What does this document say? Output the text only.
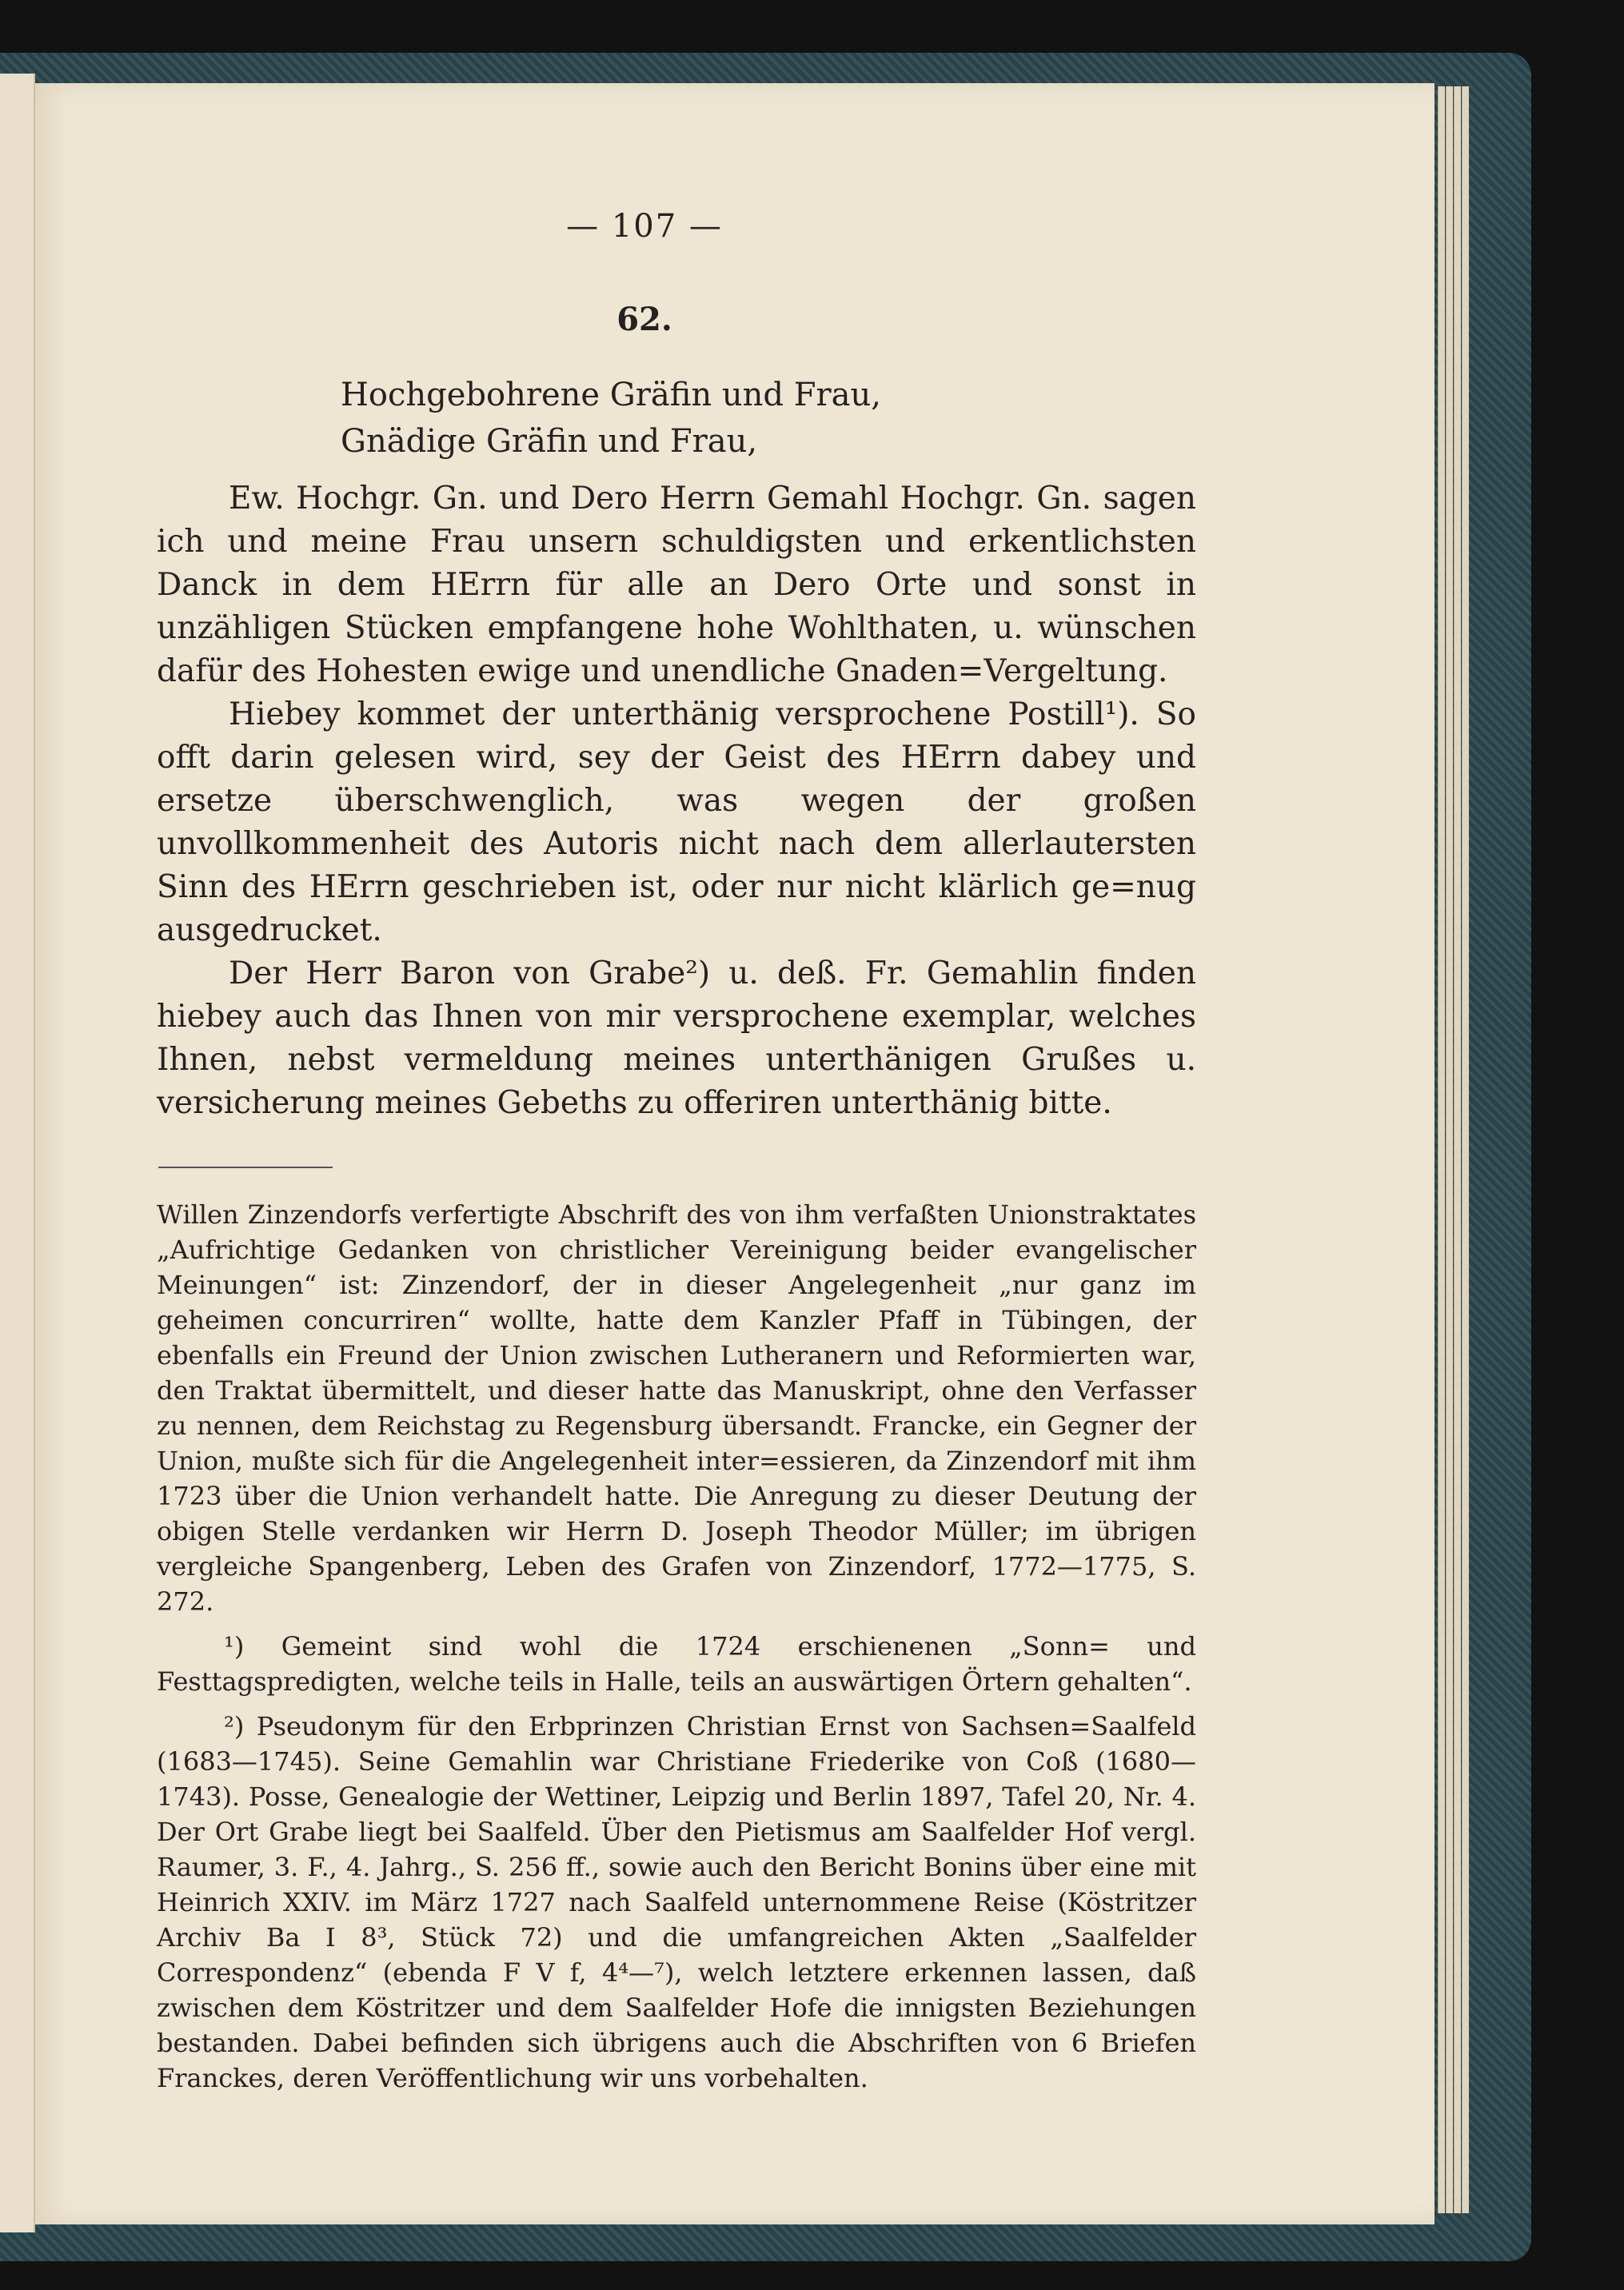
— 107 —
62.
Hochgebohrene Gräfin und Frau,
Gnädige Gräfin und Frau,

Ew. Hochgr. Gn. und Dero Herrn Gemahl Hochgr. Gn. sagen ich und meine Frau unsern schuldigsten und erkentlichsten Danck in dem HErrn für alle an Dero Orte und sonst in unzähligen Stücken empfangene hohe Wohlthaten, u. wünschen dafür des Hohesten ewige und unendliche Gnaden=Vergeltung.

Hiebey kommet der unterthänig versprochene Postill¹). So offt darin gelesen wird, sey der Geist des HErrn dabey und ersetze überschwenglich, was wegen der großen unvollkommenheit des Autoris nicht nach dem allerlautersten Sinn des HErrn geschrieben ist, oder nur nicht klärlich ge=nug ausgedrucket.

Der Herr Baron von Grabe²) u. deß. Fr. Gemahlin finden hiebey auch das Ihnen von mir versprochene exemplar, welches Ihnen, nebst vermeldung meines unterthänigen Grußes u. versicherung meines Gebeths zu offeriren unterthänig bitte.

Willen Zinzendorfs verfertigte Abschrift des von ihm verfaßten Unionstraktates „Aufrichtige Gedanken von christlicher Vereinigung beider evangelischer Meinungen“ ist: Zinzendorf, der in dieser Angelegenheit „nur ganz im geheimen concurriren“ wollte, hatte dem Kanzler Pfaff in Tübingen, der ebenfalls ein Freund der Union zwischen Lutheranern und Reformierten war, den Traktat übermittelt, und dieser hatte das Manuskript, ohne den Verfasser zu nennen, dem Reichstag zu Regensburg übersandt. Francke, ein Gegner der Union, mußte sich für die Angelegenheit inter=essieren, da Zinzendorf mit ihm 1723 über die Union verhandelt hatte. Die Anregung zu dieser Deutung der obigen Stelle verdanken wir Herrn D. Joseph Theodor Müller; im übrigen vergleiche Spangenberg, Leben des Grafen von Zinzendorf, 1772—1775, S. 272.

¹) Gemeint sind wohl die 1724 erschienenen „Sonn= und Festtagspredigten, welche teils in Halle, teils an auswärtigen Örtern gehalten“.

²) Pseudonym für den Erbprinzen Christian Ernst von Sachsen=Saalfeld (1683—1745). Seine Gemahlin war Christiane Friederike von Coß (1680—1743). Posse, Genealogie der Wettiner, Leipzig und Berlin 1897, Tafel 20, Nr. 4. Der Ort Grabe liegt bei Saalfeld. Über den Pietismus am Saalfelder Hof vergl. Raumer, 3. F., 4. Jahrg., S. 256 ff., sowie auch den Bericht Bonins über eine mit Heinrich XXIV. im März 1727 nach Saalfeld unternommene Reise (Köstritzer Archiv Ba I 8³, Stück 72) und die umfangreichen Akten „Saalfelder Correspondenz“ (ebenda F V f, 4⁴—⁷), welch letztere erkennen lassen, daß zwischen dem Köstritzer und dem Saalfelder Hofe die innigsten Beziehungen bestanden. Dabei befinden sich übrigens auch die Abschriften von 6 Briefen Franckes, deren Veröffentlichung wir uns vorbehalten.
